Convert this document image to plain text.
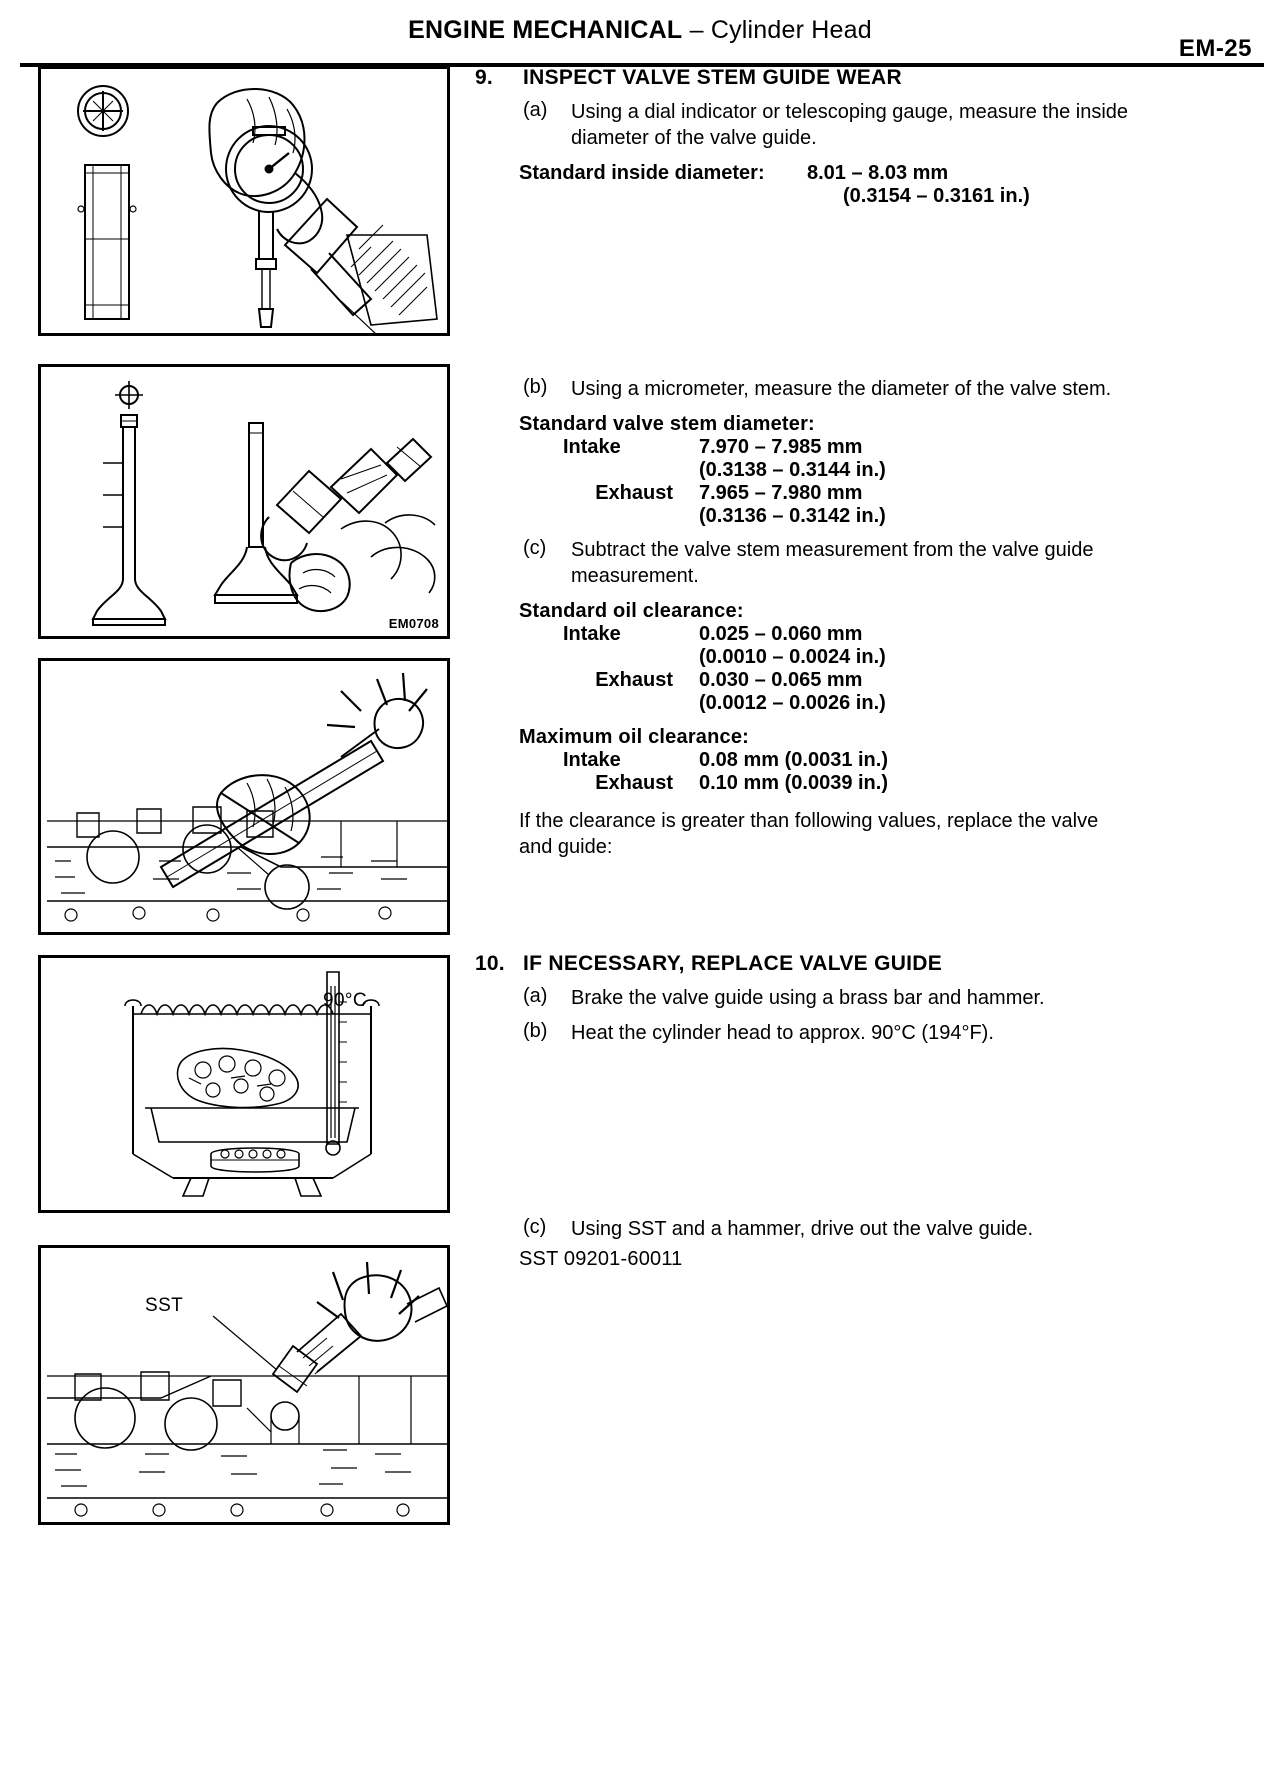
ENGINE MECHANICAL – Cylinder Head
EM-25
EM0708
90°C
SST
9.	INSPECT VALVE STEM GUIDE WEAR
(a)	Using a dial indicator or telescoping gauge, measure the inside diameter of the valve guide.
Standard inside diameter:	8.01 – 8.03 mm
(0.3154 – 0.3161 in.)
(b)	Using a micrometer, measure the diameter of the valve stem.
Standard valve stem diameter:
Intake	7.970 – 7.985 mm
(0.3138 – 0.3144 in.)
Exhaust	7.965 – 7.980 mm
(0.3136 – 0.3142 in.)
(c)	Subtract the valve stem measurement from the valve guide measurement.
Standard oil clearance:
Intake	0.025 – 0.060 mm
(0.0010 – 0.0024 in.)
Exhaust	0.030 – 0.065 mm
(0.0012 – 0.0026 in.)
Maximum oil clearance:
Intake	0.08 mm (0.0031 in.)
Exhaust	0.10 mm (0.0039 in.)
If the clearance is greater than following values, replace the valve and guide:
10. IF NECESSARY, REPLACE VALVE GUIDE
(a)	Brake the valve guide using a brass bar and hammer.
(b)	Heat the cylinder head to approx. 90°C (194°F).
(c)	Using SST and a hammer, drive out the valve guide.
SST 09201-60011
